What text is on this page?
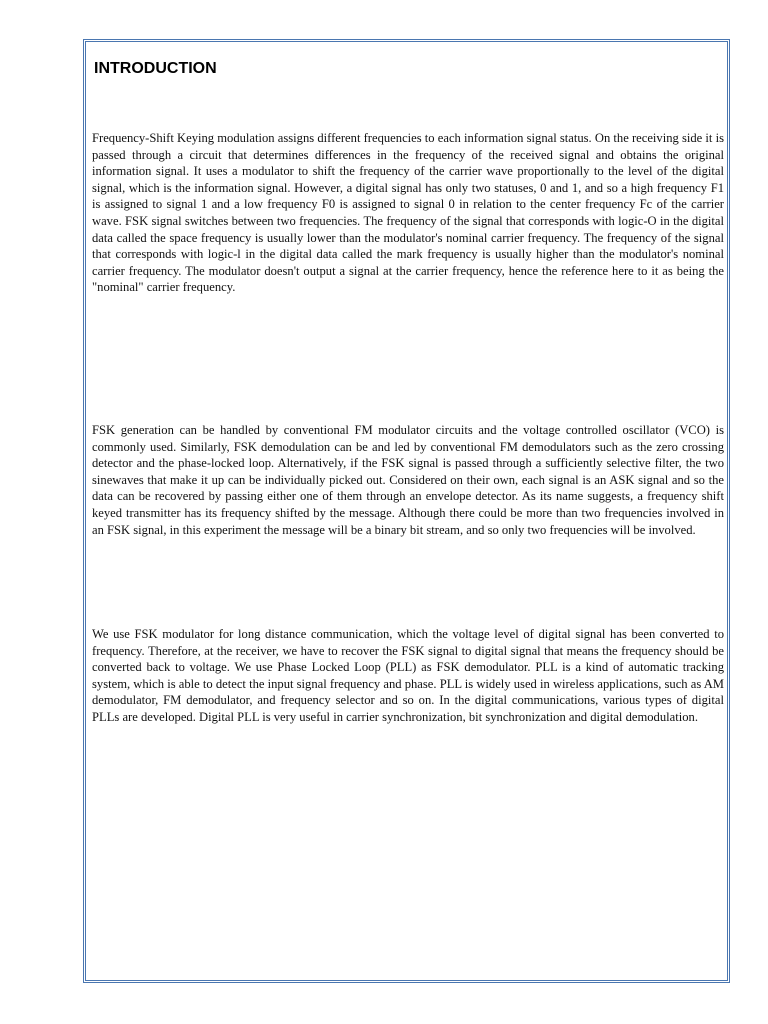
INTRODUCTION

Frequency-Shift Keying modulation assigns different frequencies to each information signal status. On the receiving side it is passed through a circuit that determines differences in the frequency of the received signal and obtains the original information signal. It uses a modulator to shift the frequency of the carrier wave proportionally to the level of the digital signal, which is the information signal. However, a digital signal has only two statuses, 0 and 1, and so a high frequency F1 is assigned to signal 1 and a low frequency F0 is assigned to signal 0 in relation to the center frequency Fc of the carrier wave. FSK signal switches between two frequencies. The frequency of the signal that corresponds with logic-O in the digital data called the space frequency is usually lower than the modulator's nominal carrier frequency. The frequency of the signal that corresponds with logic-l in the digital data called the mark frequency is usually higher than the modulator's nominal carrier frequency. The modulator doesn't output a signal at the carrier frequency, hence the reference here to it as being the "nominal" carrier frequency.

FSK generation can be handled by conventional FM modulator circuits and the voltage controlled oscillator (VCO) is commonly used. Similarly, FSK demodulation can be and led by conventional FM demodulators such as the zero crossing detector and the phase-locked loop. Alternatively, if the FSK signal is passed through a sufficiently selective filter, the two sinewaves that make it up can be individually picked out. Considered on their own, each signal is an ASK signal and so the data can be recovered by passing either one of them through an envelope detector. As its name suggests, a frequency shift keyed transmitter has its frequency shifted by the message. Although there could be more than two frequencies involved in an FSK signal, in this experiment the message will be a binary bit stream, and so only two frequencies will be involved.

We use FSK modulator for long distance communication, which the voltage level of digital signal has been converted to frequency. Therefore, at the receiver, we have to recover the FSK signal to digital signal that means the frequency should be converted back to voltage. We use Phase Locked Loop (PLL) as FSK demodulator. PLL is a kind of automatic tracking system, which is able to detect the input signal frequency and phase. PLL is widely used in wireless applications, such as AM demodulator, FM demodulator, and frequency selector and so on. In the digital communications, various types of digital PLLs are developed. Digital PLL is very useful in carrier synchronization, bit synchronization and digital demodulation.
